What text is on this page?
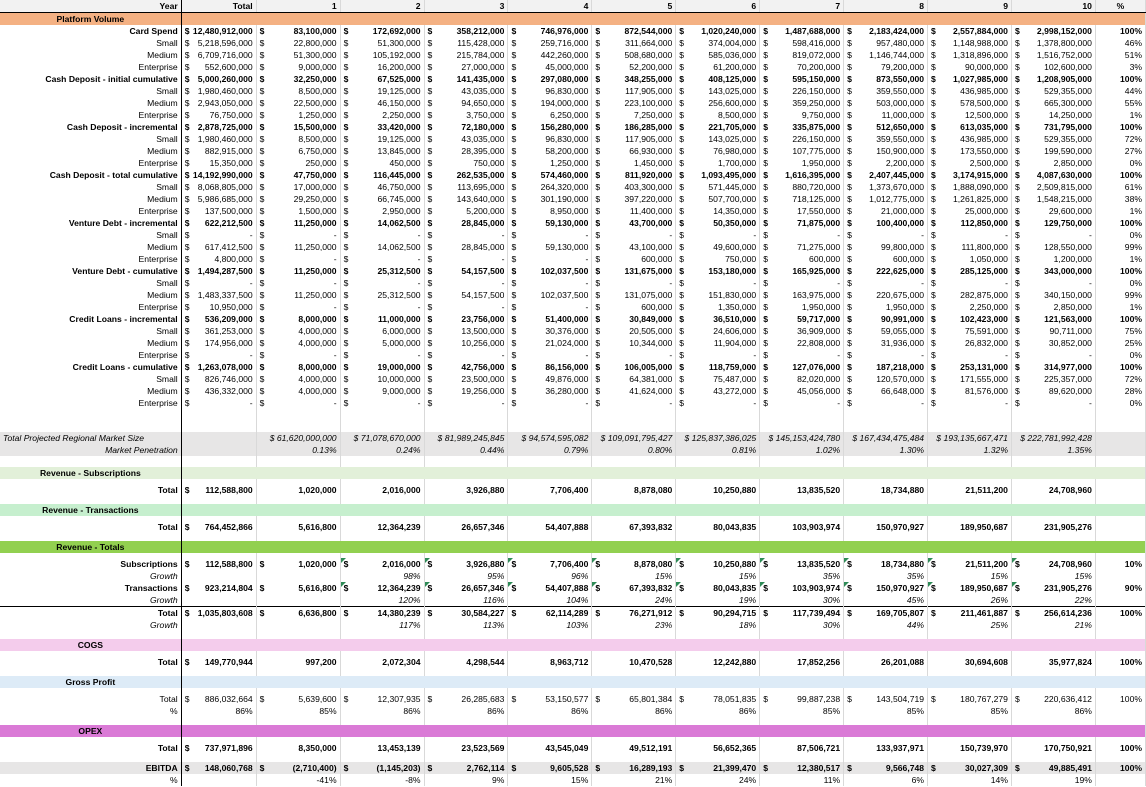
Year	Total	1	2	3	4	5	6	7	8	9	10	%
Platform Volume												
Card Spend	$ 12,480,912,000	$ 83,100,000	$ 172,692,000	$ 358,212,000	$ 746,976,000	$ 872,544,000	$ 1,020,240,000	$ 1,487,688,000	$ 2,183,424,000	$ 2,557,884,000	$ 2,998,152,000	100%
Small	$ 5,218,596,000	$ 22,800,000	$ 51,300,000	$ 115,428,000	$ 259,716,000	$ 311,664,000	$ 374,004,000	$ 598,416,000	$ 957,480,000	$ 1,148,988,000	$ 1,378,800,000	46%
Medium	$ 6,709,716,000	$ 51,300,000	$ 105,192,000	$ 215,784,000	$ 442,260,000	$ 508,680,000	$ 585,036,000	$ 819,072,000	$ 1,146,744,000	$ 1,318,896,000	$ 1,516,752,000	51%
Enterprise	$ 552,600,000	$ 9,000,000	$ 16,200,000	$ 27,000,000	$ 45,000,000	$ 52,200,000	$ 61,200,000	$ 70,200,000	$ 79,200,000	$ 90,000,000	$ 102,600,000	3%
Cash Deposit - initial cumulative	$ 5,000,260,000	$ 32,250,000	$ 67,525,000	$ 141,435,000	$ 297,080,000	$ 348,255,000	$ 408,125,000	$ 595,150,000	$ 873,550,000	$ 1,027,985,000	$ 1,208,905,000	100%
Small	$ 1,980,460,000	$ 8,500,000	$ 19,125,000	$ 43,035,000	$ 96,830,000	$ 117,905,000	$ 143,025,000	$ 226,150,000	$ 359,550,000	$ 436,985,000	$ 529,355,000	44%
Medium	$ 2,943,050,000	$ 22,500,000	$ 46,150,000	$ 94,650,000	$ 194,000,000	$ 223,100,000	$ 256,600,000	$ 359,250,000	$ 503,000,000	$ 578,500,000	$ 665,300,000	55%
Enterprise	$ 76,750,000	$ 1,250,000	$ 2,250,000	$ 3,750,000	$ 6,250,000	$ 7,250,000	$ 8,500,000	$ 9,750,000	$ 11,000,000	$ 12,500,000	$ 14,250,000	1%
Cash Deposit - incremental	$ 2,878,725,000	$ 15,500,000	$ 33,420,000	$ 72,180,000	$ 156,280,000	$ 186,285,000	$ 221,705,000	$ 335,875,000	$ 512,650,000	$ 613,035,000	$ 731,795,000	100%
Small	$ 1,980,460,000	$ 8,500,000	$ 19,125,000	$ 43,035,000	$ 96,830,000	$ 117,905,000	$ 143,025,000	$ 226,150,000	$ 359,550,000	$ 436,985,000	$ 529,355,000	72%
Medium	$ 882,915,000	$ 6,750,000	$ 13,845,000	$ 28,395,000	$ 58,200,000	$ 66,930,000	$ 76,980,000	$ 107,775,000	$ 150,900,000	$ 173,550,000	$ 199,590,000	27%
Enterprise	$ 15,350,000	$ 250,000	$ 450,000	$ 750,000	$ 1,250,000	$ 1,450,000	$ 1,700,000	$ 1,950,000	$ 2,200,000	$ 2,500,000	$ 2,850,000	0%
Cash Deposit - total cumulative	$ 14,192,990,000	$ 47,750,000	$ 116,445,000	$ 262,535,000	$ 574,460,000	$ 811,920,000	$ 1,093,495,000	$ 1,616,395,000	$ 2,407,445,000	$ 3,174,915,000	$ 4,087,630,000	100%
Small	$ 8,068,805,000	$ 17,000,000	$ 46,750,000	$ 113,695,000	$ 264,320,000	$ 403,300,000	$ 571,445,000	$ 880,720,000	$ 1,373,670,000	$ 1,888,090,000	$ 2,509,815,000	61%
Medium	$ 5,986,685,000	$ 29,250,000	$ 66,745,000	$ 143,640,000	$ 301,190,000	$ 397,220,000	$ 507,700,000	$ 718,125,000	$ 1,012,775,000	$ 1,261,825,000	$ 1,548,215,000	38%
Enterprise	$ 137,500,000	$ 1,500,000	$ 2,950,000	$ 5,200,000	$ 8,950,000	$ 11,400,000	$ 14,350,000	$ 17,550,000	$ 21,000,000	$ 25,000,000	$ 29,600,000	1%
Venture Debt - incremental	$ 622,212,500	$ 11,250,000	$ 14,062,500	$ 28,845,000	$ 59,130,000	$ 43,700,000	$ 50,350,000	$ 71,875,000	$ 100,400,000	$ 112,850,000	$ 129,750,000	100%
Small	$ -	$ -	$ -	$ -	$ -	$ -	$ -	$ -	$ -	$ -	$ -	0%
Medium	$ 617,412,500	$ 11,250,000	$ 14,062,500	$ 28,845,000	$ 59,130,000	$ 43,100,000	$ 49,600,000	$ 71,275,000	$ 99,800,000	$ 111,800,000	$ 128,550,000	99%
Enterprise	$ 4,800,000	$ -	$ -	$ -	$ -	$ 600,000	$ 750,000	$ 600,000	$ 600,000	$ 1,050,000	$ 1,200,000	1%
Venture Debt - cumulative	$ 1,494,287,500	$ 11,250,000	$ 25,312,500	$ 54,157,500	$ 102,037,500	$ 131,675,000	$ 153,180,000	$ 165,925,000	$ 222,625,000	$ 285,125,000	$ 343,000,000	100%
Small	$ -	$ -	$ -	$ -	$ -	$ -	$ -	$ -	$ -	$ -	$ -	0%
Medium	$ 1,483,337,500	$ 11,250,000	$ 25,312,500	$ 54,157,500	$ 102,037,500	$ 131,075,000	$ 151,830,000	$ 163,975,000	$ 220,675,000	$ 282,875,000	$ 340,150,000	99%
Enterprise	$ 10,950,000	$ -	$ -	$ -	$ -	$ 600,000	$ 1,350,000	$ 1,950,000	$ 1,950,000	$ 2,250,000	$ 2,850,000	1%
Credit Loans - incremental	$ 536,209,000	$ 8,000,000	$ 11,000,000	$ 23,756,000	$ 51,400,000	$ 30,849,000	$ 36,510,000	$ 59,717,000	$ 90,991,000	$ 102,423,000	$ 121,563,000	100%
Small	$ 361,253,000	$ 4,000,000	$ 6,000,000	$ 13,500,000	$ 30,376,000	$ 20,505,000	$ 24,606,000	$ 36,909,000	$ 59,055,000	$ 75,591,000	$ 90,711,000	75%
Medium	$ 174,956,000	$ 4,000,000	$ 5,000,000	$ 10,256,000	$ 21,024,000	$ 10,344,000	$ 11,904,000	$ 22,808,000	$ 31,936,000	$ 26,832,000	$ 30,852,000	25%
Enterprise	$ -	$ -	$ -	$ -	$ -	$ -	$ -	$ -	$ -	$ -	$ -	0%
Credit Loans - cumulative	$ 1,263,078,000	$ 8,000,000	$ 19,000,000	$ 42,756,000	$ 86,156,000	$ 106,005,000	$ 118,759,000	$ 127,076,000	$ 187,218,000	$ 253,131,000	$ 314,977,000	100%
Small	$ 826,746,000	$ 4,000,000	$ 10,000,000	$ 23,500,000	$ 49,876,000	$ 64,381,000	$ 75,487,000	$ 82,020,000	$ 120,570,000	$ 171,555,000	$ 225,357,000	72%
Medium	$ 436,332,000	$ 4,000,000	$ 9,000,000	$ 19,256,000	$ 36,280,000	$ 41,624,000	$ 43,272,000	$ 45,056,000	$ 66,648,000	$ 81,576,000	$ 89,620,000	28%
Enterprise	$ -	$ -	$ -	$ -	$ -	$ -	$ -	$ -	$ -	$ -	$ -	0%

Total Projected Regional Market Size		$ 61,620,000,000	$ 71,078,670,000	$ 81,989,245,845	$ 94,574,595,082	$ 109,091,795,427	$ 125,837,386,025	$ 145,153,424,780	$ 167,434,475,484	$ 193,135,667,471	$ 222,781,992,428	
Market Penetration		0.13%	0.24%	0.44%	0.79%	0.80%	0.81%	1.02%	1.30%	1.32%	1.35%	

Revenue - Subscriptions												

Total	$ 112,588,800	1,020,000	2,016,000	3,926,880	7,706,400	8,878,080	10,250,880	13,835,520	18,734,880	21,511,200	24,708,960	

Revenue - Transactions												

Total	$ 764,452,866	5,616,800	12,364,239	26,657,346	54,407,888	67,393,832	80,043,835	103,903,974	150,970,927	189,950,687	231,905,276	

Revenue - Totals												

Subscriptions	$ 112,588,800	$ 1,020,000	$ 2,016,000	$ 3,926,880	$ 7,706,400	$ 8,878,080	$ 10,250,880	$ 13,835,520	$ 18,734,880	$ 21,511,200	$ 24,708,960	10%
Growth			98%	95%	96%	15%	15%	35%	35%	15%	15%	

Transactions	$ 923,214,804	$ 5,616,800	$ 12,364,239	$ 26,657,346	$ 54,407,888	$ 67,393,832	$ 80,043,835	$ 103,903,974	$ 150,970,927	$ 189,950,687	$ 231,905,276	90%
Growth			120%	116%	104%	24%	19%	30%	45%	26%	22%	

Total	$ 1,035,803,608	$ 6,636,800	$ 14,380,239	$ 30,584,227	$ 62,114,289	$ 76,271,912	$ 90,294,715	$ 117,739,494	$ 169,705,807	$ 211,461,887	$ 256,614,236	100%
Growth			117%	113%	103%	23%	18%	30%	44%	25%	21%	

COGS												

Total	$ 149,770,944	997,200	2,072,304	4,298,544	8,963,712	10,470,528	12,242,880	17,852,256	26,201,088	30,694,608	35,977,824	100%

Gross Profit												

Total	$ 886,032,664	$ 5,639,600	$ 12,307,935	$ 26,285,683	$ 53,150,577	$ 65,801,384	$ 78,051,835	$ 99,887,238	$ 143,504,719	$ 180,767,279	$ 220,636,412	100%
%	86%	85%	86%	86%	86%	86%	86%	85%	85%	85%	86%	

OPEX												

Total	$ 737,971,896	8,350,000	13,453,139	23,523,569	43,545,049	49,512,191	56,652,365	87,506,721	133,937,971	150,739,970	170,750,921	100%

EBITDA	$ 148,060,768	$ (2,710,400)	$ (1,145,203)	$ 2,762,114	$ 9,605,528	$ 16,289,193	$ 21,399,470	$ 12,380,517	$ 9,566,748	$ 30,027,309	$ 49,885,491	100%
%		-41%	-8%	9%	15%	21%	24%	11%	6%	14%	19%	
